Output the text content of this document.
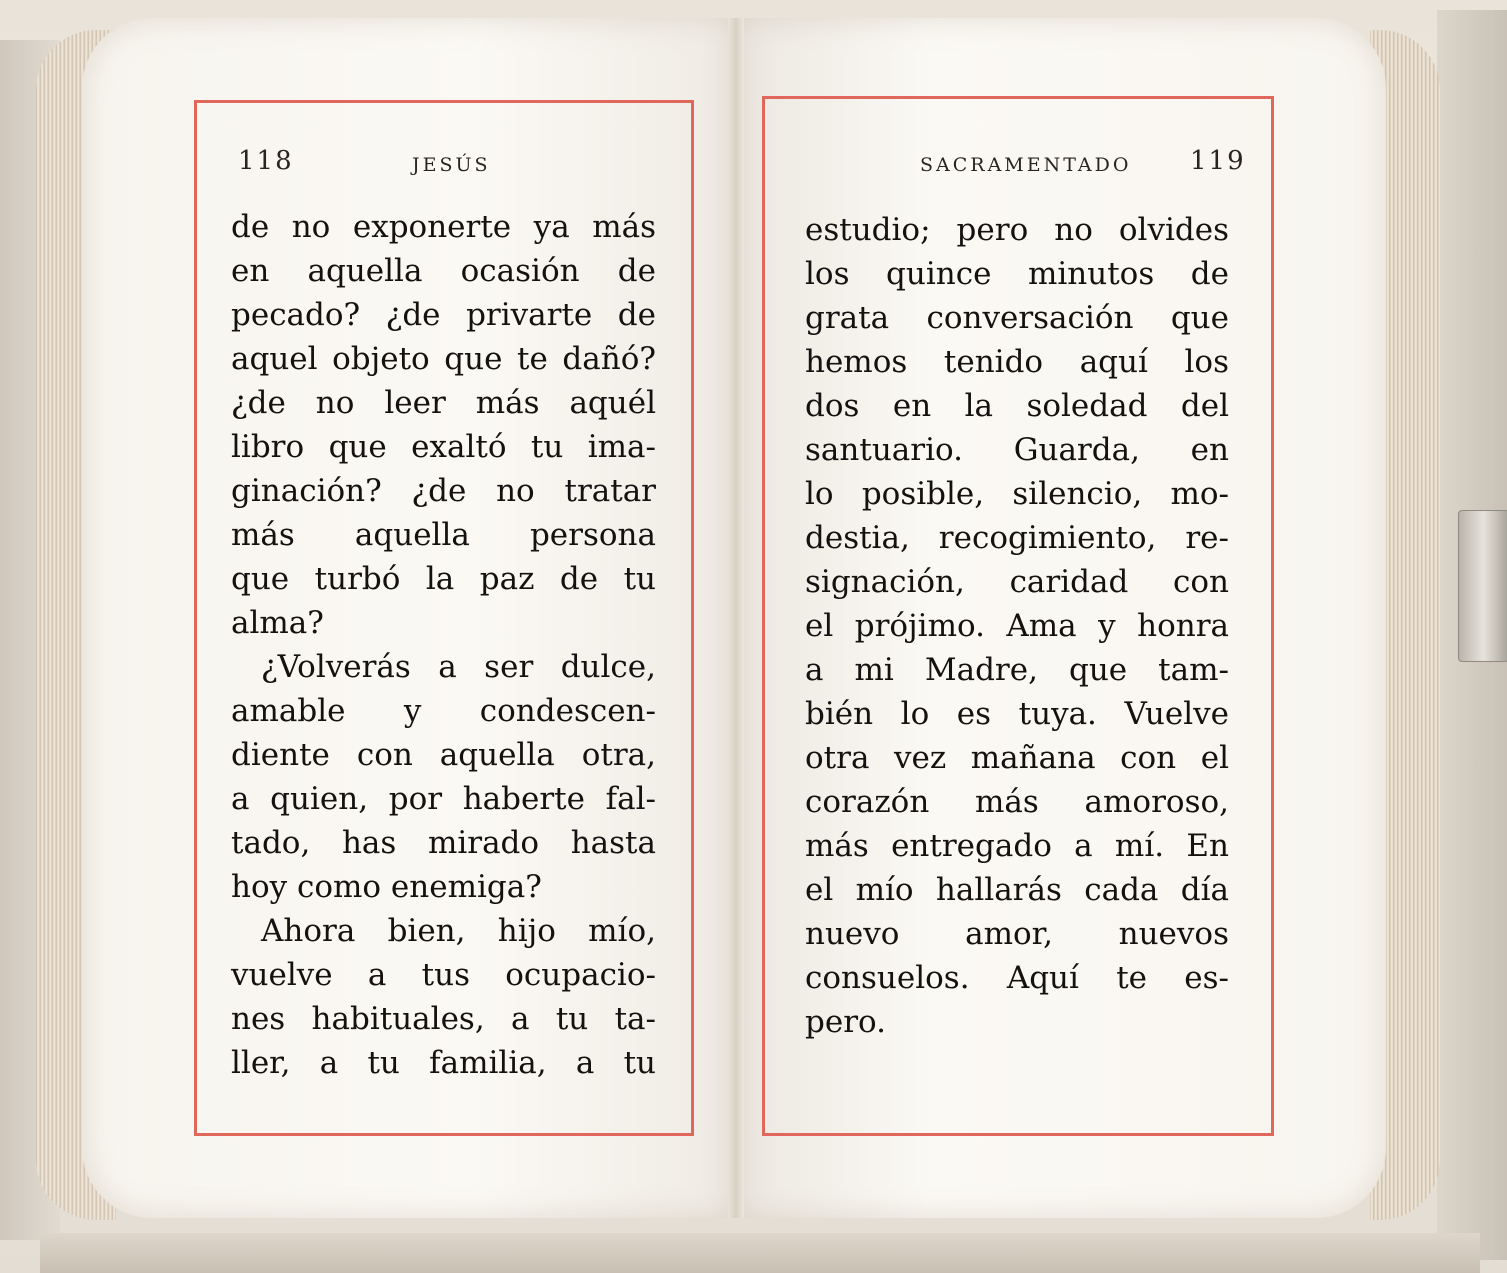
118	JESÚS	SACRAMENTADO 119
de no exponerte ya más
en aquella ocasión de
pecado? ¿de privarte de
aquel objeto que te dañó?
¿de no leer más aquél
libro que exaltó tu ima-
ginación? ¿de no tratar
más aquella persona
que turbó la paz de tu
alma?
¿Volverás a ser dulce,
amable y condescen-
diente con aquella otra,
a quien, por haberte fal-
tado, has mirado hasta
hoy como enemiga?
Ahora bien, hijo mío,
vuelve a tus ocupacio-
nes habituales, a tu ta-
ller, a tu familia, a tu
estudio; pero no olvides
los quince minutos de
grata conversación que
hemos tenido aquí los
dos en la soledad del
santuario. Guarda, en
lo posible, silencio, mo-
destia, recogimiento, re-
signación, caridad con
el prójimo. Ama y honra
a mi Madre, que tam-
bién lo es tuya. Vuelve
otra vez mañana con el
corazón más amoroso,
más entregado a mí. En
el mío hallarás cada día
nuevo amor, nuevos
consuelos. Aquí te es-
pero.
